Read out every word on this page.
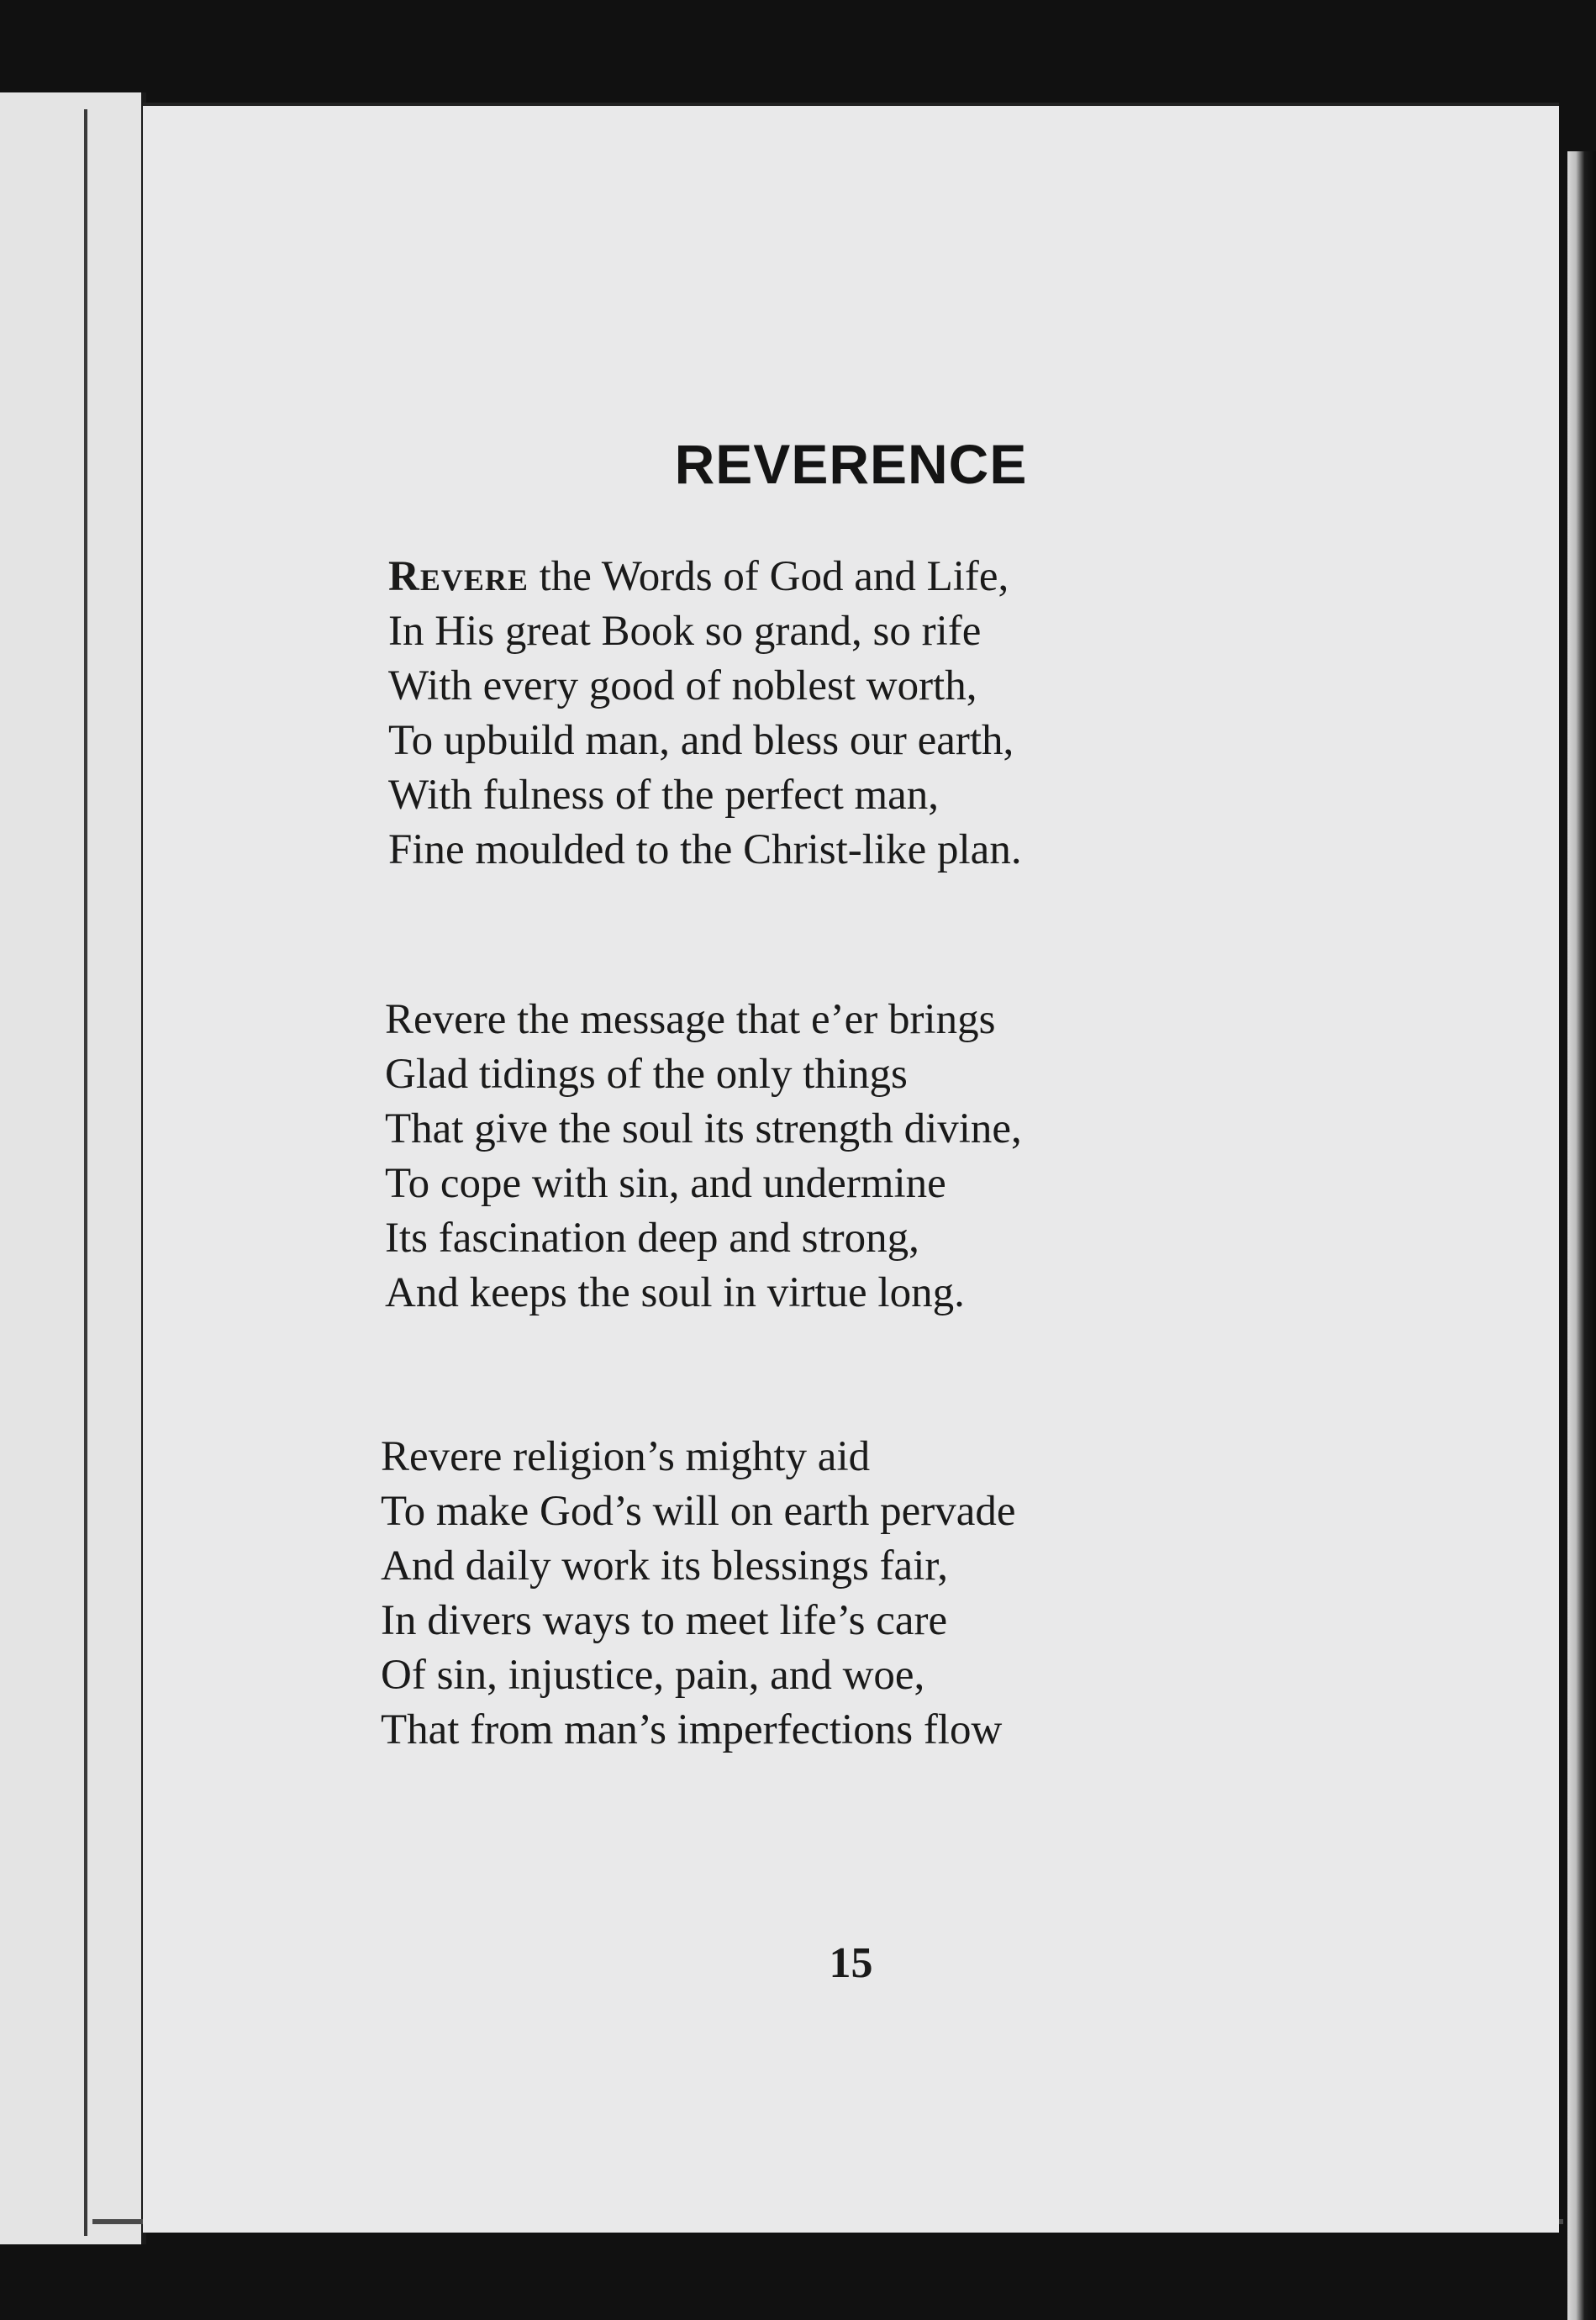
REVERENCE
Revere the Words of God and Life,
In His great Book so grand, so rife
With every good of noblest worth,
To upbuild man, and bless our earth,
With fulness of the perfect man,
Fine moulded to the Christ-like plan.
Revere the message that e’er brings
Glad tidings of the only things
That give the soul its strength divine,
To cope with sin, and undermine
Its fascination deep and strong,
And keeps the soul in virtue long.
Revere religion’s mighty aid
To make God’s will on earth pervade
And daily work its blessings fair,
In divers ways to meet life’s care
Of sin, injustice, pain, and woe,
That from man’s imperfections flow
15
